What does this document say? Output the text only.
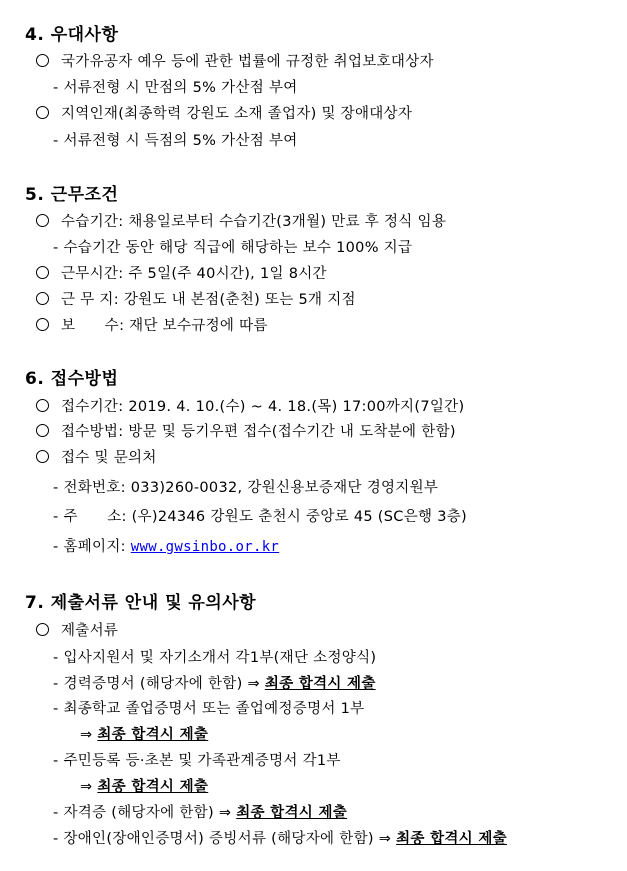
4. 우대사항
국가유공자 예우 등에 관한 법률에 규정한 취업보호대상자
- 서류전형 시 만점의 5% 가산점 부여
지역인재(최종학력 강원도 소재 졸업자) 및 장애대상자
- 서류전형 시 득점의 5% 가산점 부여
5. 근무조건
수습기간: 채용일로부터 수습기간(3개월) 만료 후 정식 임용
- 수습기간 동안 해당 직급에 해당하는 보수 100% 지급
근무시간: 주 5일(주 40시간), 1일 8시간
근 무 지: 강원도 내 본점(춘천) 또는 5개 지점
보      수: 재단 보수규정에 따름
6. 접수방법
접수기간: 2019. 4. 10.(수) ~ 4. 18.(목) 17:00까지(7일간)
접수방법: 방문 및 등기우편 접수(접수기간 내 도착분에 한함)
접수 및 문의처
- 전화번호: 033)260-0032, 강원신용보증재단 경영지원부
- 주      소: (우)24346 강원도 춘천시 중앙로 45 (SC은행 3층)
- 홈페이지: www.gwsinbo.or.kr
7. 제출서류 안내 및 유의사항
제출서류
- 입사지원서 및 자기소개서 각1부(재단 소정양식)
- 경력증명서 (해당자에 한함) ⇒ 최종 합격시 제출
- 최종학교 졸업증명서 또는 졸업예정증명서 1부
⇒ 최종 합격시 제출
- 주민등록 등·초본 및 가족관계증명서 각1부
⇒ 최종 합격시 제출
- 자격증 (해당자에 한함) ⇒ 최종 합격시 제출
- 장애인(장애인증명서) 증빙서류 (해당자에 한함) ⇒ 최종 합격시 제출
